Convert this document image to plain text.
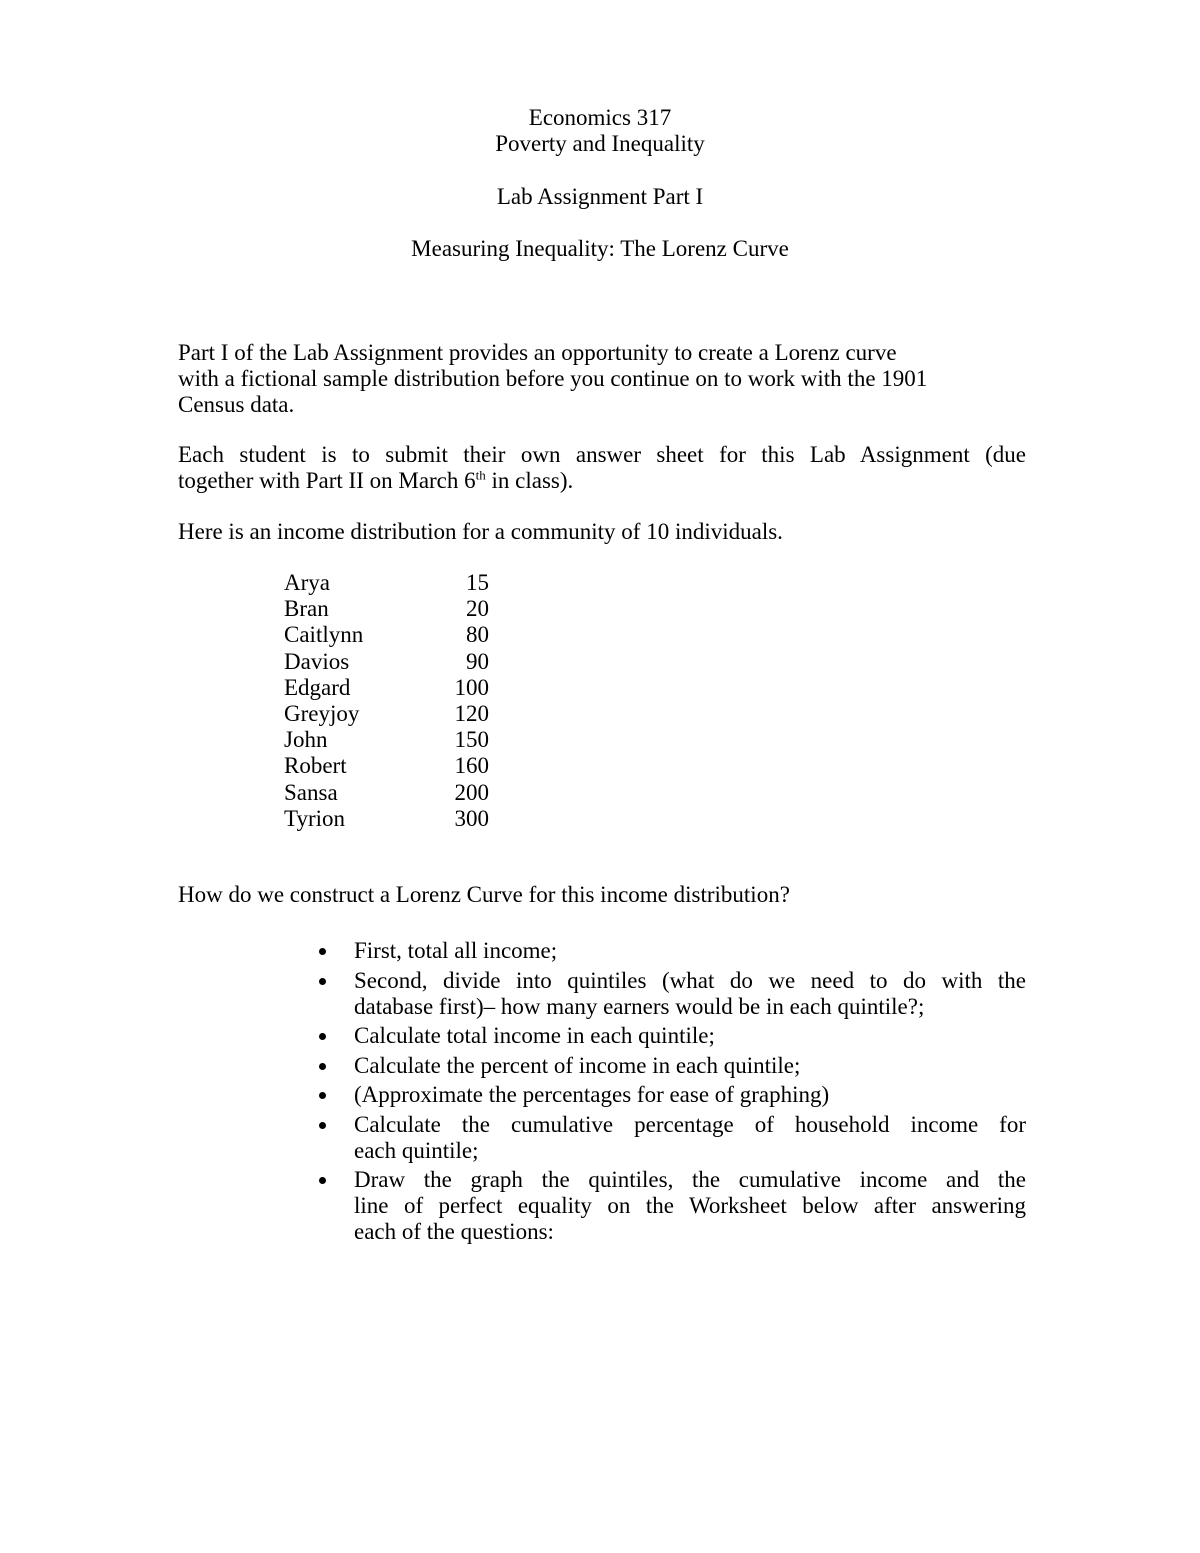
Economics 317
Poverty and Inequality
Lab Assignment Part I
Measuring Inequality: The Lorenz Curve
Part I of the Lab Assignment provides an opportunity to create a Lorenz curve
with a fictional sample distribution before you continue on to work with the 1901
Census data.
Each student is to submit their own answer sheet for this Lab Assignment (due
together with Part II on March 6th in class).
Here is an income distribution for a community of 10 individuals.
Arya	15
Bran	20
Caitlynn	80
Davios	90
Edgard	100
Greyjoy	120
John	150
Robert	160
Sansa	200
Tyrion	300
How do we construct a Lorenz Curve for this income distribution?
First, total all income;
Second, divide into quintiles (what do we need to do with the
database first)– how many earners would be in each quintile?;
Calculate total income in each quintile;
Calculate the percent of income in each quintile;
(Approximate the percentages for ease of graphing)
Calculate the cumulative percentage of household income for
each quintile;
Draw the graph the quintiles, the cumulative income and the
line of perfect equality on the Worksheet below after answering
each of the questions:
